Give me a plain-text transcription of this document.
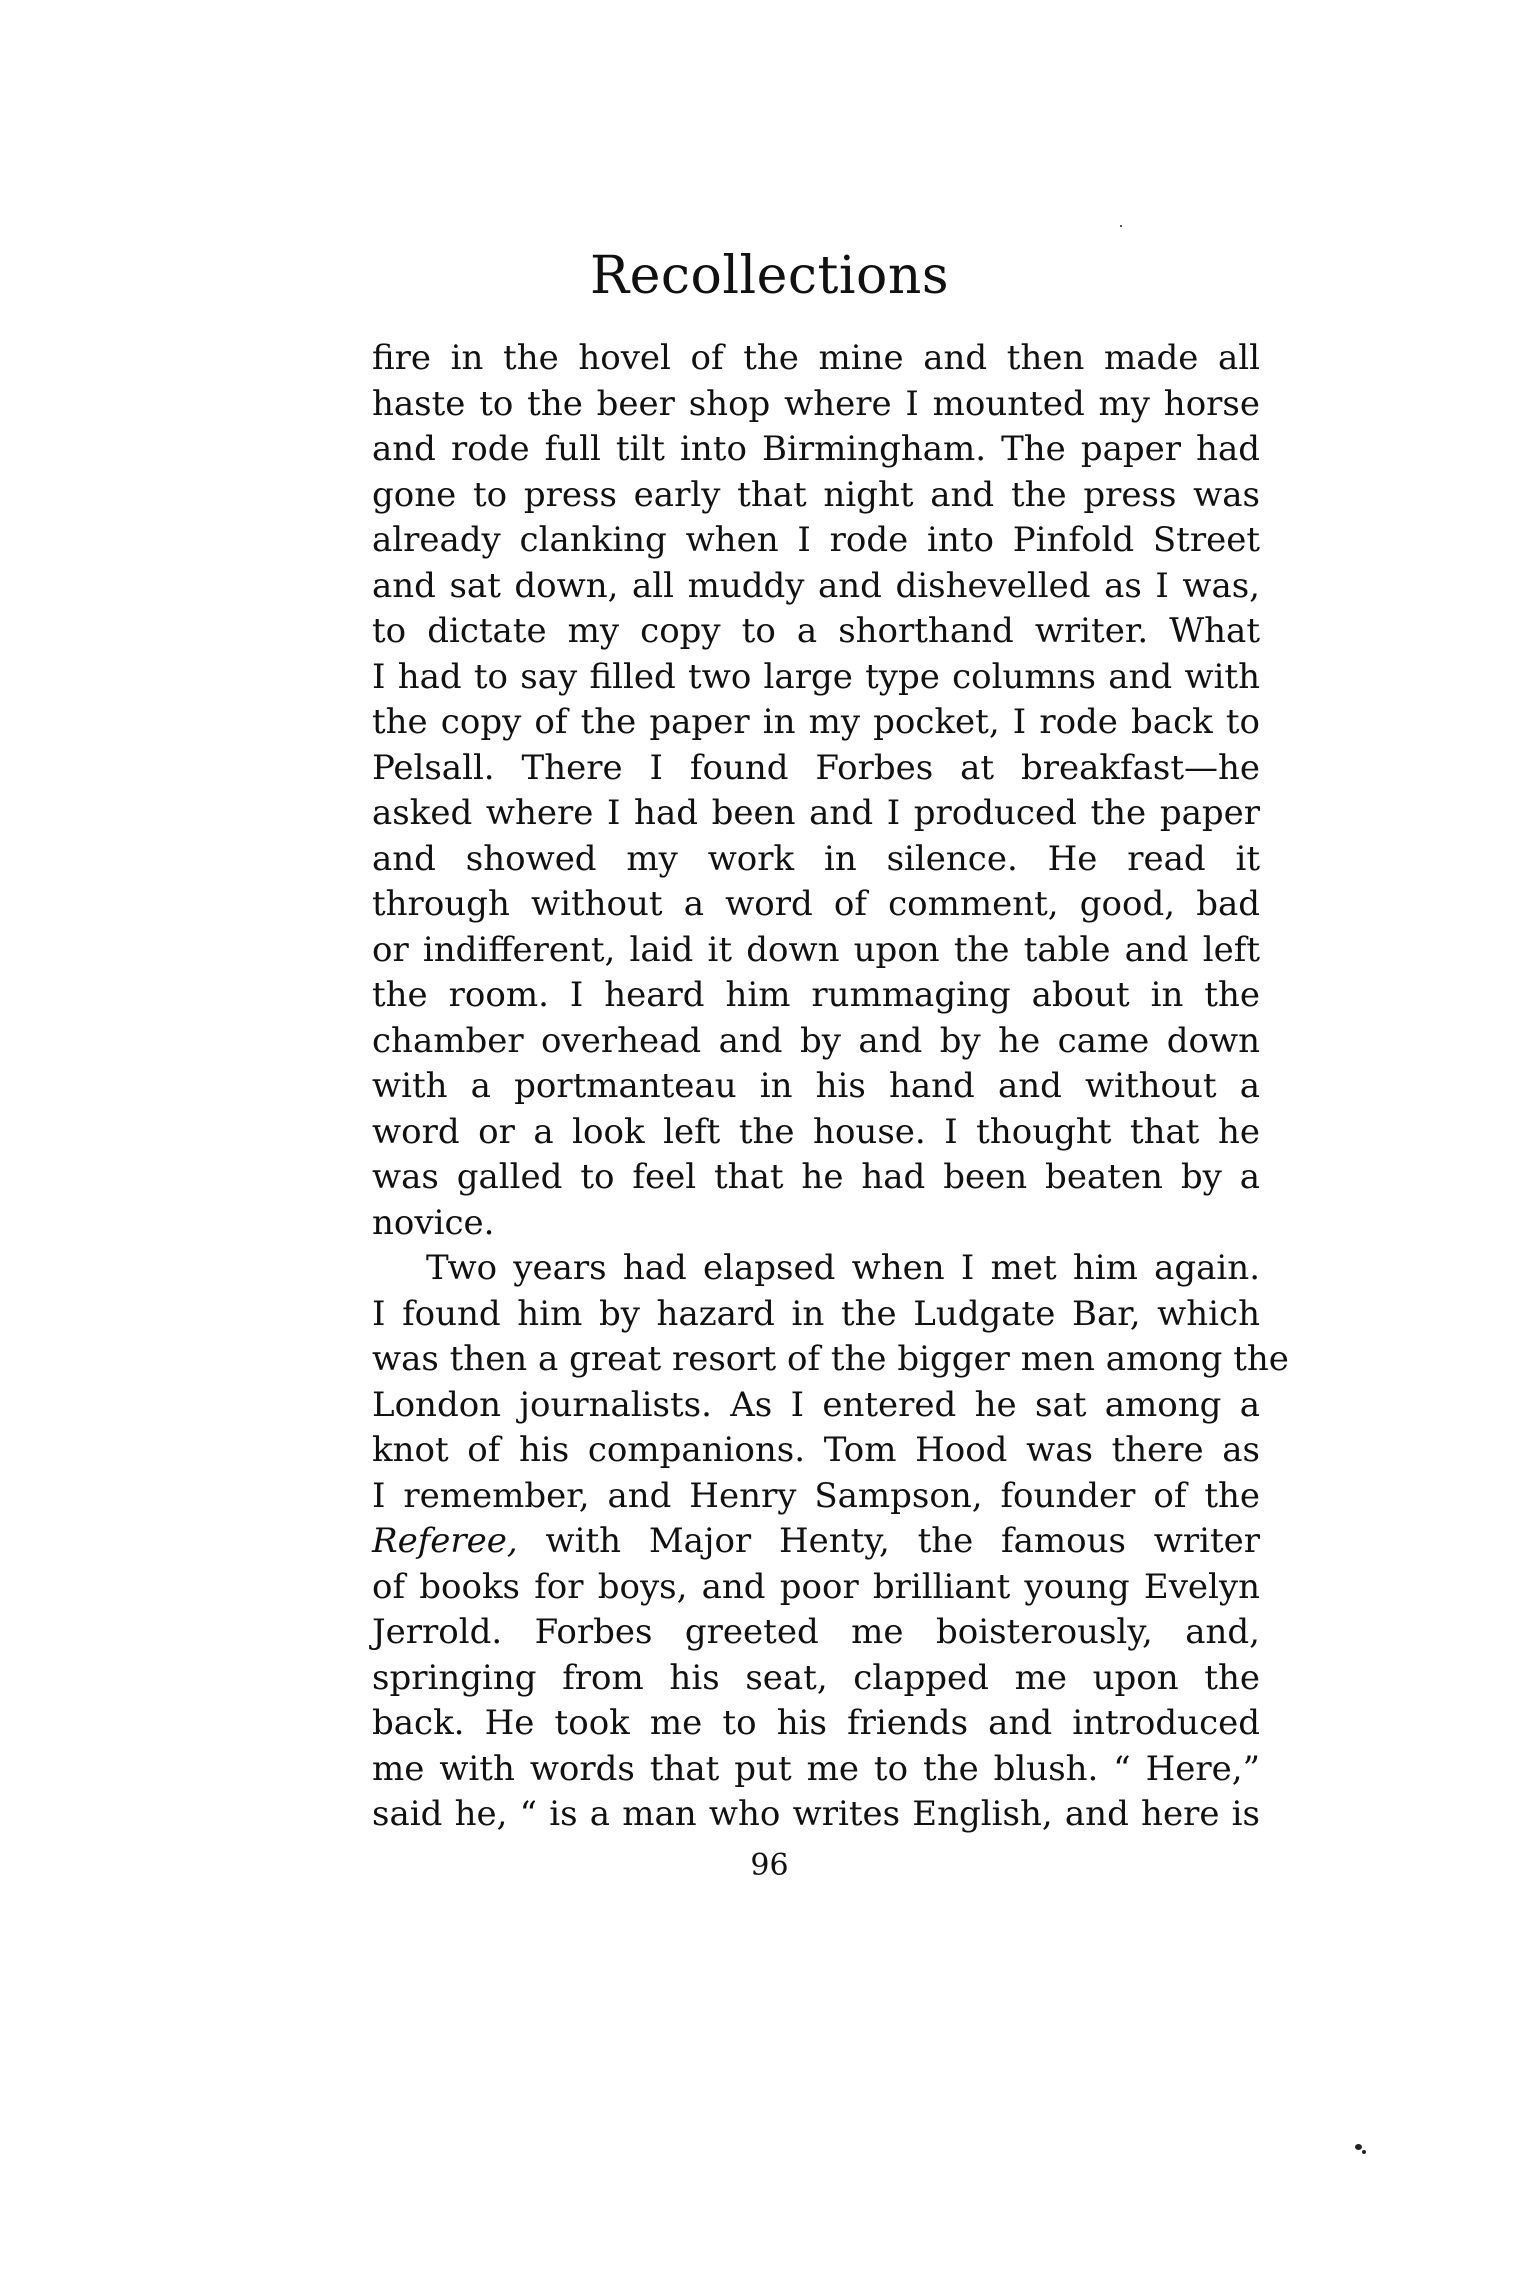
Recollections
fire in the hovel of the mine and then made all
haste to the beer shop where I mounted my horse
and rode full tilt into Birmingham. The paper had
gone to press early that night and the press was
already clanking when I rode into Pinfold Street
and sat down, all muddy and dishevelled as I was,
to dictate my copy to a shorthand writer. What
I had to say filled two large type columns and with
the copy of the paper in my pocket, I rode back to
Pelsall. There I found Forbes at breakfast—he
asked where I had been and I produced the paper
and showed my work in silence. He read it
through without a word of comment, good, bad
or indifferent, laid it down upon the table and left
the room. I heard him rummaging about in the
chamber overhead and by and by he came down
with a portmanteau in his hand and without a
word or a look left the house. I thought that he
was galled to feel that he had been beaten by a
novice.
Two years had elapsed when I met him again.
I found him by hazard in the Ludgate Bar, which
was then a great resort of the bigger men among the
London journalists. As I entered he sat among a
knot of his companions. Tom Hood was there as
I remember, and Henry Sampson, founder of the
Referee, with Major Henty, the famous writer
of books for boys, and poor brilliant young Evelyn
Jerrold. Forbes greeted me boisterously, and,
springing from his seat, clapped me upon the
back. He took me to his friends and introduced
me with words that put me to the blush. “ Here,”
said he, “ is a man who writes English, and here is
96
